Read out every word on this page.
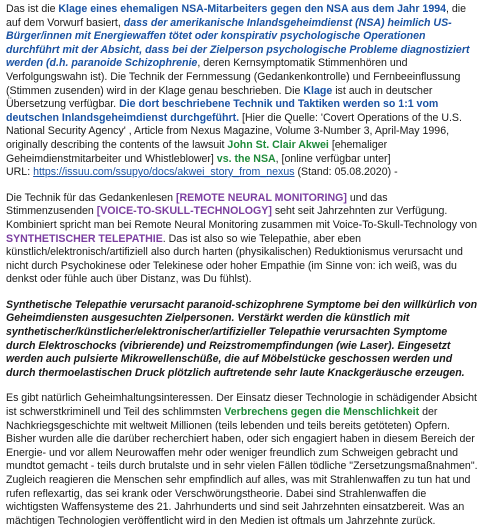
Das ist die Klage eines ehemaligen NSA-Mitarbeiters gegen den NSA aus dem Jahr 1994, die auf dem Vorwurf basiert, dass der amerikanische Inlandsgeheimdienst (NSA) heimlich US-Bürger/innen mit Energiewaffen tötet oder konspirativ psychologische Operationen durchführt mit der Absicht, dass bei der Zielperson psychologische Probleme diagnostiziert werden (d.h. paranoide Schizophrenie, deren Kernsymptomatik Stimmenhören und Verfolgungswahn ist). Die Technik der Fernmessung (Gedankenkontrolle) und Fernbeeinflussung (Stimmen zusenden) wird in der Klage genau beschrieben. Die Klage ist auch in deutscher Übersetzung verfügbar. Die dort beschriebene Technik und Taktiken werden so 1:1 vom deutschen Inlandsgeheimdienst durchgeführt. [Hier die Quelle: 'Covert Operations of the U.S. National Security Agency' , Article from Nexus Magazine, Volume 3-Number 3, April-May 1996, originally describing the contents of the lawsuit John St. Clair Akwei [ehemaliger Geheimdienstmitarbeiter und Whistleblower] vs. the NSA, [online verfügbar unter]
URL: https://issuu.com/ssupyo/docs/akwei_story_from_nexus (Stand: 05.08.2020) -

Die Technik für das Gedankenlesen [REMOTE NEURAL MONITORING] und das Stimmenzusenden [VOICE-TO-SKULL-TECHNOLOGY] seht seit Jahrzehnten zur Verfügung. Kombiniert spricht man bei Remote Neural Monitoring zusammen mit Voice-To-Skull-Technology von SYNTHETISCHER TELEPATHIE. Das ist also so wie Telepathie, aber eben künstlich/elektronisch/artifiziell also durch harten (physikalischen) Reduktionismus verursacht und nicht durch Psychokinese oder Telekinese oder hoher Empathie (im Sinne von: ich weiß, was du denkst oder fühle auch über Distanz, was Du fühlst).

Synthetische Telepathie verursacht paranoid-schizophrene Symptome bei den willkürlich von Geheimdiensten ausgesuchten Zielpersonen. Verstärkt werden die künstlich mit synthetischer/künstlicher/elektronischer/artifizieller Telepathie verursachten Symptome durch Elektroschocks (vibrierende) und Reizstromempfindungen (wie Laser). Eingesetzt werden auch pulsierte Mikrowellenschüße, die auf Möbelstücke geschossen werden und durch thermoelastischen Druck plötzlich auftretende sehr laute Knackgeräusche erzeugen.

Es gibt natürlich Geheimhaltungsinteressen. Der Einsatz dieser Technologie in schädigender Absicht ist schwerstkriminell und Teil des schlimmsten Verbrechens gegen die Menschlichkeit der Nachkriegsgeschichte mit weltweit Millionen (teils lebenden und teils bereits getöteten) Opfern. Bisher wurden alle die darüber recherchiert haben, oder sich engagiert haben in diesem Bereich der Energie- und vor allem Neurowaffen mehr oder weniger freundlich zum Schweigen gebracht und mundtot gemacht - teils durch brutalste und in sehr vielen Fällen tödliche "Zersetzungsmaßnahmen". Zugleich reagieren die Menschen sehr empfindlich auf alles, was mit Strahlenwaffen zu tun hat und rufen reflexartig, das sei krank oder Verschwörungstheorie. Dabei sind Strahlenwaffen die wichtigsten Waffensysteme des 21. Jahrhunderts und sind seit Jahrzehnten einsatzbereit. Was an mächtigen Technologien veröffentlicht wird in den Medien ist oftmals um Jahrzehnte zurück.
